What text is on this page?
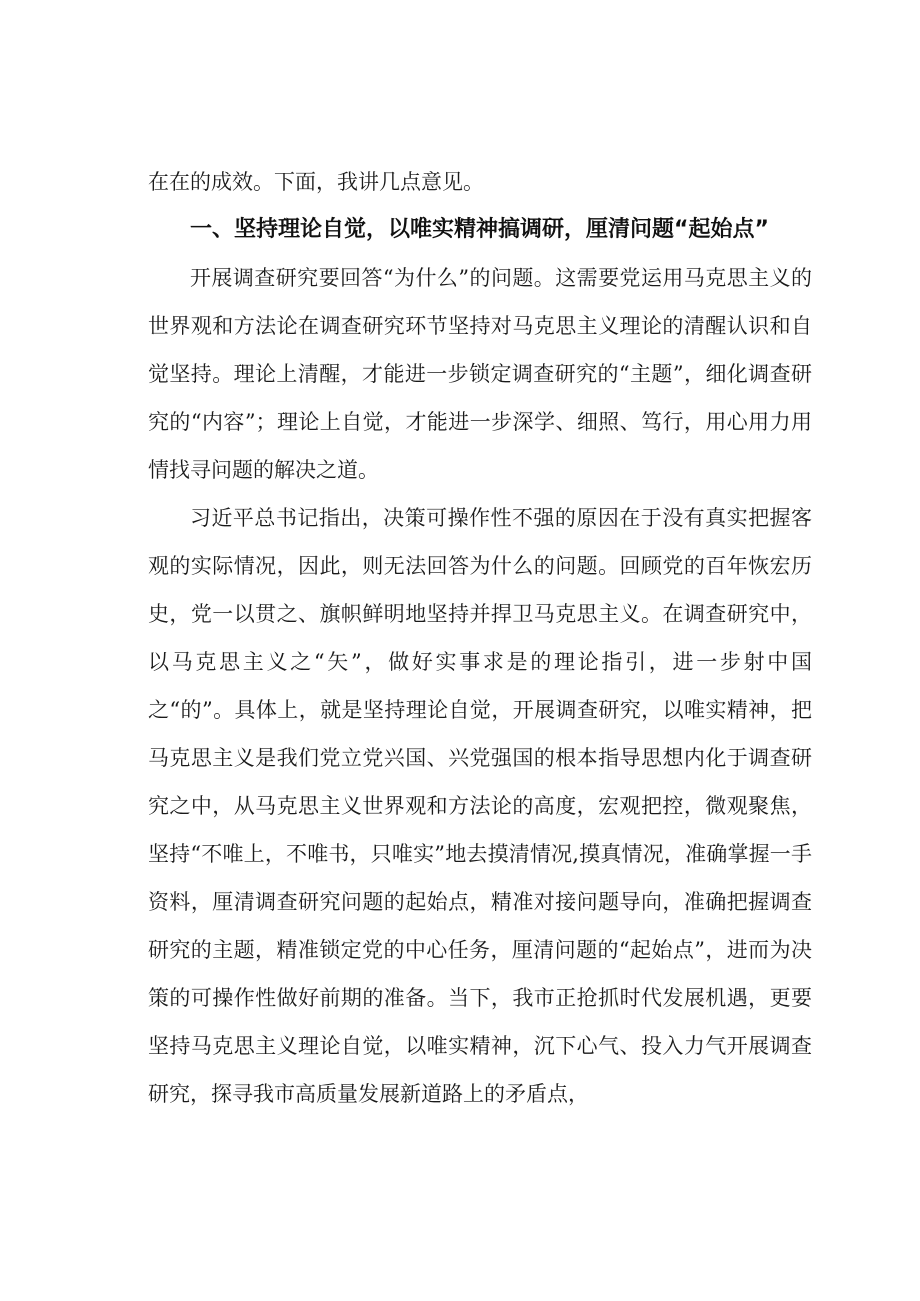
在在的成效。下面，我讲几点意见。

一、坚持理论自觉，以唯实精神搞调研，厘清问题“起始点”

开展调查研究要回答“为什么”的问题。这需要党运用马克思主义的世界观和方法论在调查研究环节坚持对马克思主义理论的清醒认识和自觉坚持。理论上清醒，才能进一步锁定调查研究的“主题”，细化调查研究的“内容”；理论上自觉，才能进一步深学、细照、笃行，用心用力用情找寻问题的解决之道。

习近平总书记指出，决策可操作性不强的原因在于没有真实把握客观的实际情况，因此，则无法回答为什么的问题。回顾党的百年恢宏历史，党一以贯之、旗帜鲜明地坚持并捍卫马克思主义。在调查研究中，以马克思主义之“矢”，做好实事求是的理论指引，进一步射中国之“的”。具体上，就是坚持理论自觉，开展调查研究，以唯实精神，把马克思主义是我们党立党兴国、兴党强国的根本指导思想内化于调查研究之中，从马克思主义世界观和方法论的高度，宏观把控，微观聚焦，坚持“不唯上，不唯书，只唯实”地去摸清情况,摸真情况，准确掌握一手资料，厘清调查研究问题的起始点，精准对接问题导向，准确把握调查研究的主题，精准锁定党的中心任务，厘清问题的“起始点”，进而为决策的可操作性做好前期的准备。当下，我市正抢抓时代发展机遇，更要坚持马克思主义理论自觉，以唯实精神，沉下心气、投入力气开展调查研究，探寻我市高质量发展新道路上的矛盾点，
